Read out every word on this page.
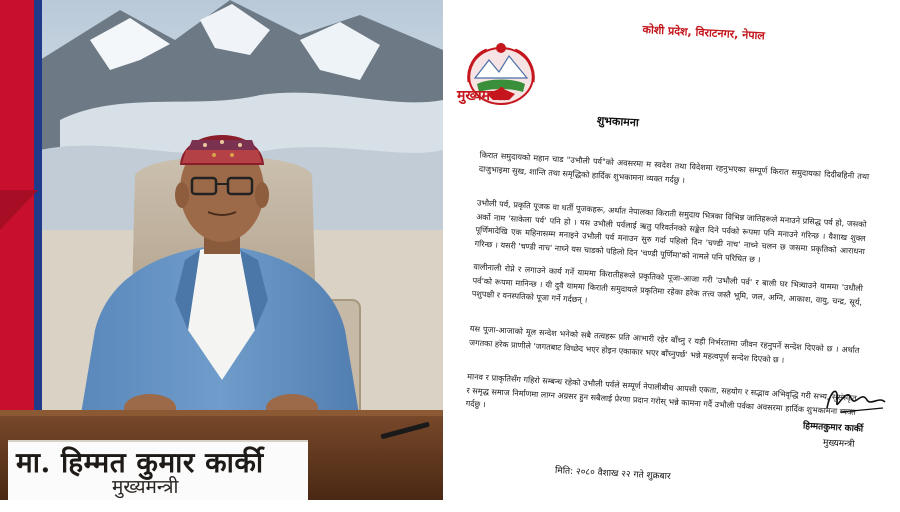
मा. हिम्मत कुमार कार्की
मुख्यमन्त्री
मुख्यमन्त्री
कोशी प्रदेश, विराटनगर, नेपाल
शुभकामना
किरात समुदायको महान चाड "उभौली पर्व"को अवसरमा म स्वदेश तथा विदेशमा रहनुभएका सम्पूर्ण किरात समुदायका दिदीबहिनी तथा दाजुभाइमा सुख, शान्ति तथा समृद्धिको हार्दिक शुभकामना व्यक्त गर्दछु ।
उभौली पर्व, प्रकृति पूजक वा धर्ती पूजकहरू, अर्थात नेपालका किराती समुदाय भित्रका विभिन्न जातिहरूले मनाउने प्रसिद्ध पर्व हो, जसको अर्को नाम 'साकेला पर्व' पनि हो । यस उभौली पर्वलाई ऋतु परिवर्तनको सङ्केत दिने पर्वको रूपमा पनि मनाउने गरिन्छ । वैशाख शुक्ल पूर्णिमादेखि एक महिनासम्म मनाइने उभौली पर्व मनाउन सुरु गर्दा पहिलो दिन 'चण्डी नाच' नाच्ने चलन छ जसमा प्रकृतिको आराधना गरिन्छ । यसरी 'चण्डी नाच' नाच्ने यस चाडको पहिलो दिन 'चण्डी पूर्णिमा'को नामले पनि परिचित छ ।
वालीनाली रोप्ने र लगाउने कार्य गर्ने याममा किरातीहरूले प्रकृतिको पूजा-आजा गरी 'उभौली पर्व' र बाली घर भित्र्याउने याममा 'उधौली पर्व'को रूपमा मानिन्छ । यी दुवै याममा किराती समुदायले प्रकृतिमा रहेका हरेक तत्त्व जस्तै भूमि, जल, अग्नि, आकाश, वायु, चन्द्र, सूर्य, पशुपक्षी र वनस्पतिको पूजा गर्ने गर्दछन् ।
यस पूजा-आजाको मूल सन्देश भनेको सबै तत्वहरू प्रति आभारी रहेर बाँच्नु र यही निर्भरतामा जीवन रहनुपर्ने सन्देश दिएको छ । अर्थात जगतका हरेक प्राणीले 'जगतबाट विच्छेद भएर होइन एकाकार भएर बाँच्नुपर्छ' भन्ने महत्वपूर्ण सन्देश दिएको छ ।
मानव र प्राकृतिसँग गहिरो सम्बन्ध रहेको उभौली पर्वले सम्पूर्ण नेपालीबीच आपसी एकता, सहयोग र सद्भाव अभिवृद्धि गरी सभ्य, सुसंस्कृत र समृद्ध समाज निर्माणमा लाग्न अग्रसर हुन सबैलाई प्रेरणा प्रदान गरोस् भन्ने कामना गर्दै उभौली पर्वका अवसरमा हार्दिक शुभकामना व्यक्त गर्दछु ।
हिम्मतकुमार कार्की
मुख्यमन्त्री
मिति: २०८० वैशाख २२ गते शुक्रबार
